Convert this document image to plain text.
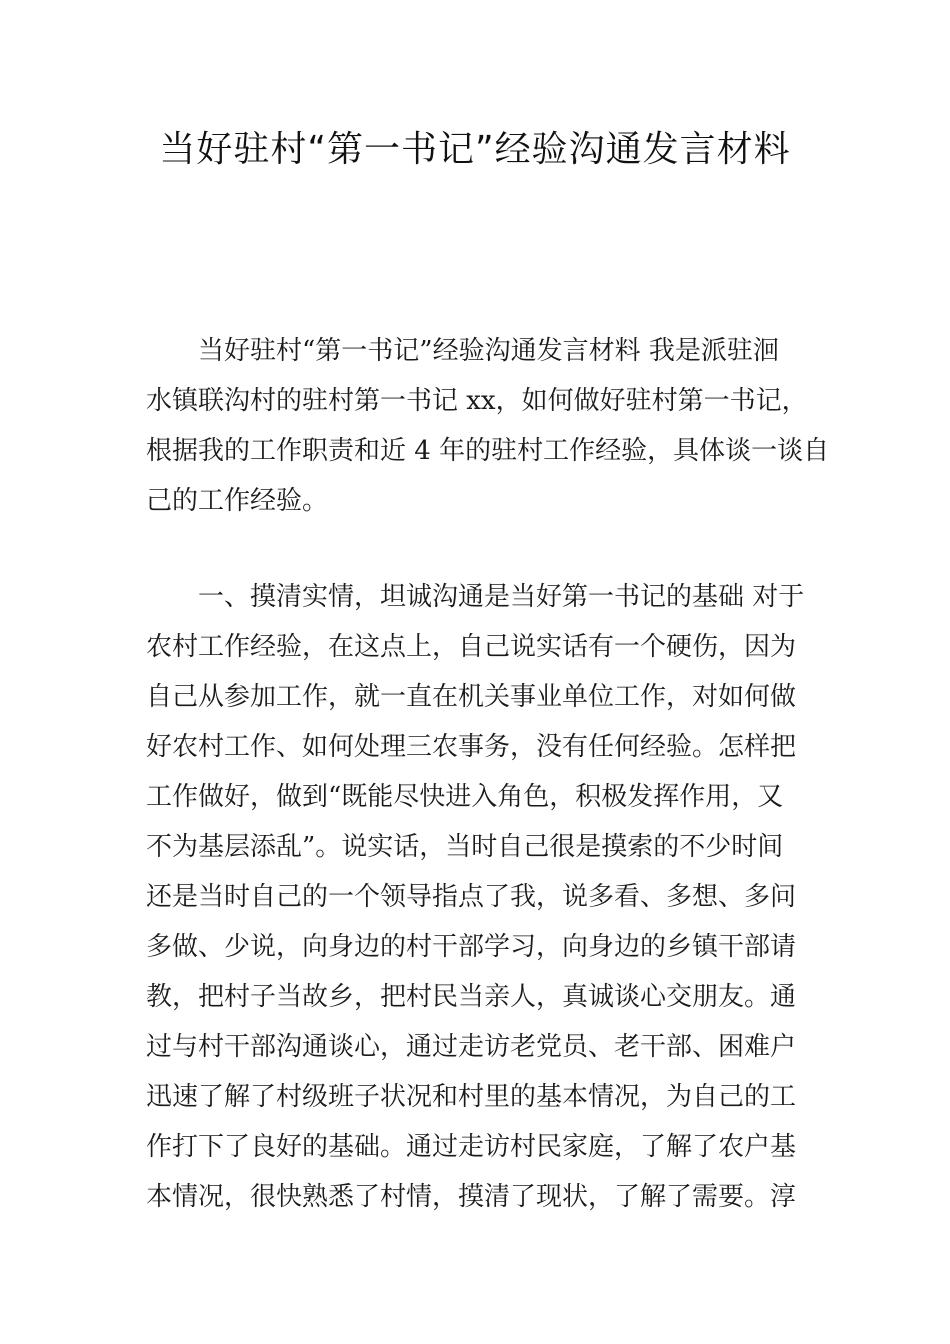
当好驻村“第一书记”经验沟通发言材料
　　当好驻村“第一书记”经验沟通发言材料 我是派驻洄
水镇联沟村的驻村第一书记 xx，如何做好驻村第一书记，
根据我的工作职责和近 4 年的驻村工作经验，具体谈一谈自
己的工作经验。
　　一、摸清实情，坦诚沟通是当好第一书记的基础 对于
农村工作经验，在这点上，自己说实话有一个硬伤，因为
自己从参加工作，就一直在机关事业单位工作，对如何做
好农村工作、如何处理三农事务，没有任何经验。怎样把
工作做好，做到“既能尽快进入角色，积极发挥作用，又
不为基层添乱”。说实话，当时自己很是摸索的不少时间
还是当时自己的一个领导指点了我，说多看、多想、多问
多做、少说，向身边的村干部学习，向身边的乡镇干部请
教，把村子当故乡，把村民当亲人，真诚谈心交朋友。通
过与村干部沟通谈心，通过走访老党员、老干部、困难户
迅速了解了村级班子状况和村里的基本情况，为自己的工
作打下了良好的基础。通过走访村民家庭，了解了农户基
本情况，很快熟悉了村情，摸清了现状，了解了需要。淳
